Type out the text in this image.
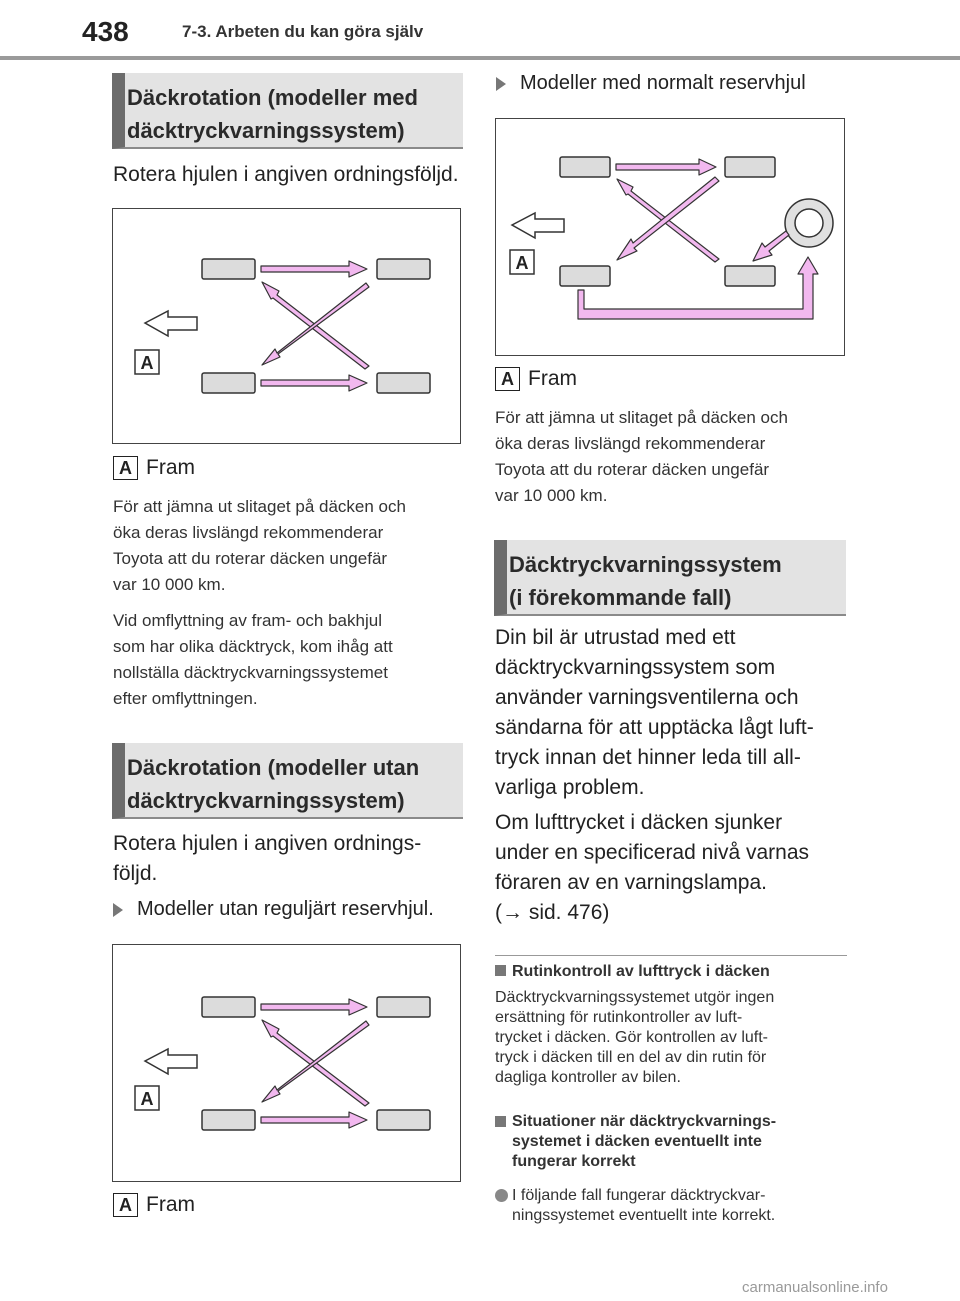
438	7-3. Arbeten du kan göra själv
Däckrotation (modeller med
däcktryckvarningssystem)
Rotera hjulen i angiven ordningsföljd.
A
A Fram
För att jämna ut slitaget på däcken och
öka deras livslängd rekommenderar
Toyota att du roterar däcken ungefär
var 10 000 km.
Vid omflyttning av fram- och bakhjul
som har olika däcktryck, kom ihåg att
nollställa däcktryckvarningssystemet
efter omflyttningen.
Däckrotation (modeller utan
däcktryckvarningssystem)
Rotera hjulen i angiven ordnings-
följd.
Modeller utan reguljärt reservhjul.
A
A Fram
Modeller med normalt reservhjul
A
A Fram
För att jämna ut slitaget på däcken och
öka deras livslängd rekommenderar
Toyota att du roterar däcken ungefär
var 10 000 km.
Däcktryckvarningssystem
(i förekommande fall)
Din bil är utrustad med ett
däcktryckvarningssystem som
använder varningsventilerna och
sändarna för att upptäcka lågt luft-
tryck innan det hinner leda till all-
varliga problem.
Om lufttrycket i däcken sjunker
under en specificerad nivå varnas
föraren av en varningslampa.
(→ sid. 476)
Rutinkontroll av lufttryck i däcken
Däcktryckvarningssystemet utgör ingen
ersättning för rutinkontroller av luft-
trycket i däcken. Gör kontrollen av luft-
tryck i däcken till en del av din rutin för
dagliga kontroller av bilen.
Situationer när däcktryckvarnings-
systemet i däcken eventuellt inte
fungerar korrekt
I följande fall fungerar däcktryckvar-
ningssystemet eventuellt inte korrekt.
carmanualsonline.info
